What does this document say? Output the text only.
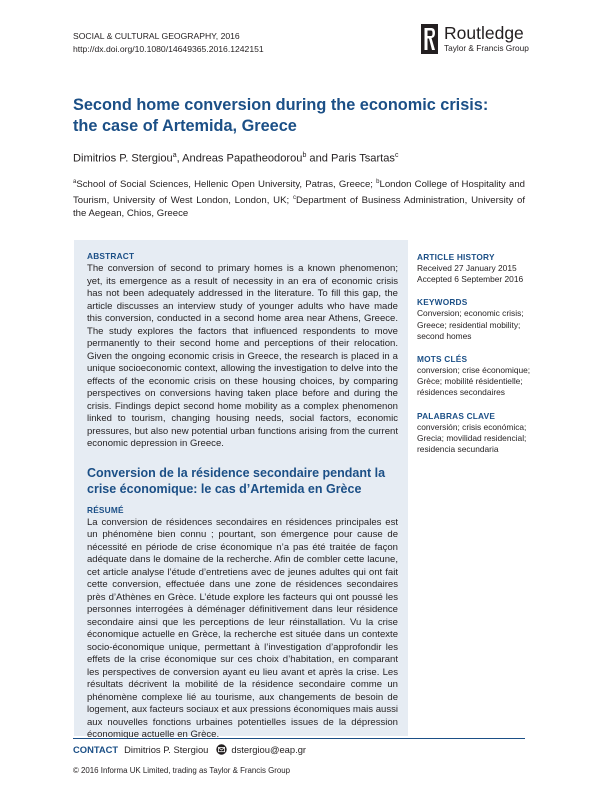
SOCIAL & CULTURAL GEOGRAPHY, 2016
http://dx.doi.org/10.1080/14649365.2016.1242151
Routledge
Taylor & Francis Group
Second home conversion during the economic crisis: the case of Artemida, Greece
Dimitrios P. Stergiou$^a$, Andreas Papatheodorou$^b$ and Paris Tsartas$^c$
$^a$School of Social Sciences, Hellenic Open University, Patras, Greece; $^b$London College of Hospitality and Tourism, University of West London, London, UK; $^c$Department of Business Administration, University of the Aegean, Chios, Greece

ABSTRACT

The conversion of second to primary homes is a known phenomenon; yet, its emergence as a result of necessity in an era of economic crisis has not been adequately addressed in the literature. To fill this gap, the article discusses an interview study of younger adults who have made this conversion, conducted in a second home area near Athens, Greece. The study explores the factors that influenced respondents to move permanently to their second home and perceptions of their relocation. Given the ongoing economic crisis in Greece, the research is placed in a unique socioeconomic context, allowing the investigation to delve into the effects of the economic crisis on these housing choices, by comparing perspectives on conversions having taken place before and during the crisis. Findings depict second home mobility as a complex phenomenon linked to tourism, changing housing needs, social factors, economic pressures, but also new potential urban functions arising from the current economic depression in Greece.

Conversion de la résidence secondaire pendant la crise économique: le cas d’Artemida en Grèce

RÉSUMÉ

La conversion de résidences secondaires en résidences principales est un phénomène bien connu ; pourtant, son émergence pour cause de nécessité en période de crise économique n’a pas été traitée de façon adéquate dans le domaine de la recherche. Afin de combler cette lacune, cet article analyse l’étude d’entretiens avec de jeunes adultes qui ont fait cette conversion, effectuée dans une zone de résidences secondaires près d’Athènes en Grèce. L’étude explore les facteurs qui ont poussé les personnes interrogées à déménager définitivement dans leur résidence secondaire ainsi que les perceptions de leur réinstallation. Vu la crise économique actuelle en Grèce, la recherche est située dans un contexte socio-économique unique, permettant à l’investigation d’approfondir les effets de la crise économique sur ces choix d’habitation, en comparant les perspectives de conversion ayant eu lieu avant et après la crise. Les résultats décrivent la mobilité de la résidence secondaire comme un phénomène complexe lié au tourisme, aux changements de besoin de logement, aux facteurs sociaux et aux pressions économiques mais aussi aux nouvelles fonctions urbaines potentielles issues de la dépression économique actuelle en Grèce.

ARTICLE HISTORY

Received 27 January 2015
Accepted 6 September 2016

KEYWORDS

Conversion; economic crisis; Greece; residential mobility; second homes

MOTS CLÉS

conversion; crise économique; Grèce; mobilité résidentielle; résidences secondaires

PALABRAS CLAVE

conversión; crisis económica; Grecia; movilidad residencial; residencia secundaria

CONTACT Dimitrios P. Stergiou dstergiou@eap.gr
© 2016 Informa UK Limited, trading as Taylor & Francis Group
